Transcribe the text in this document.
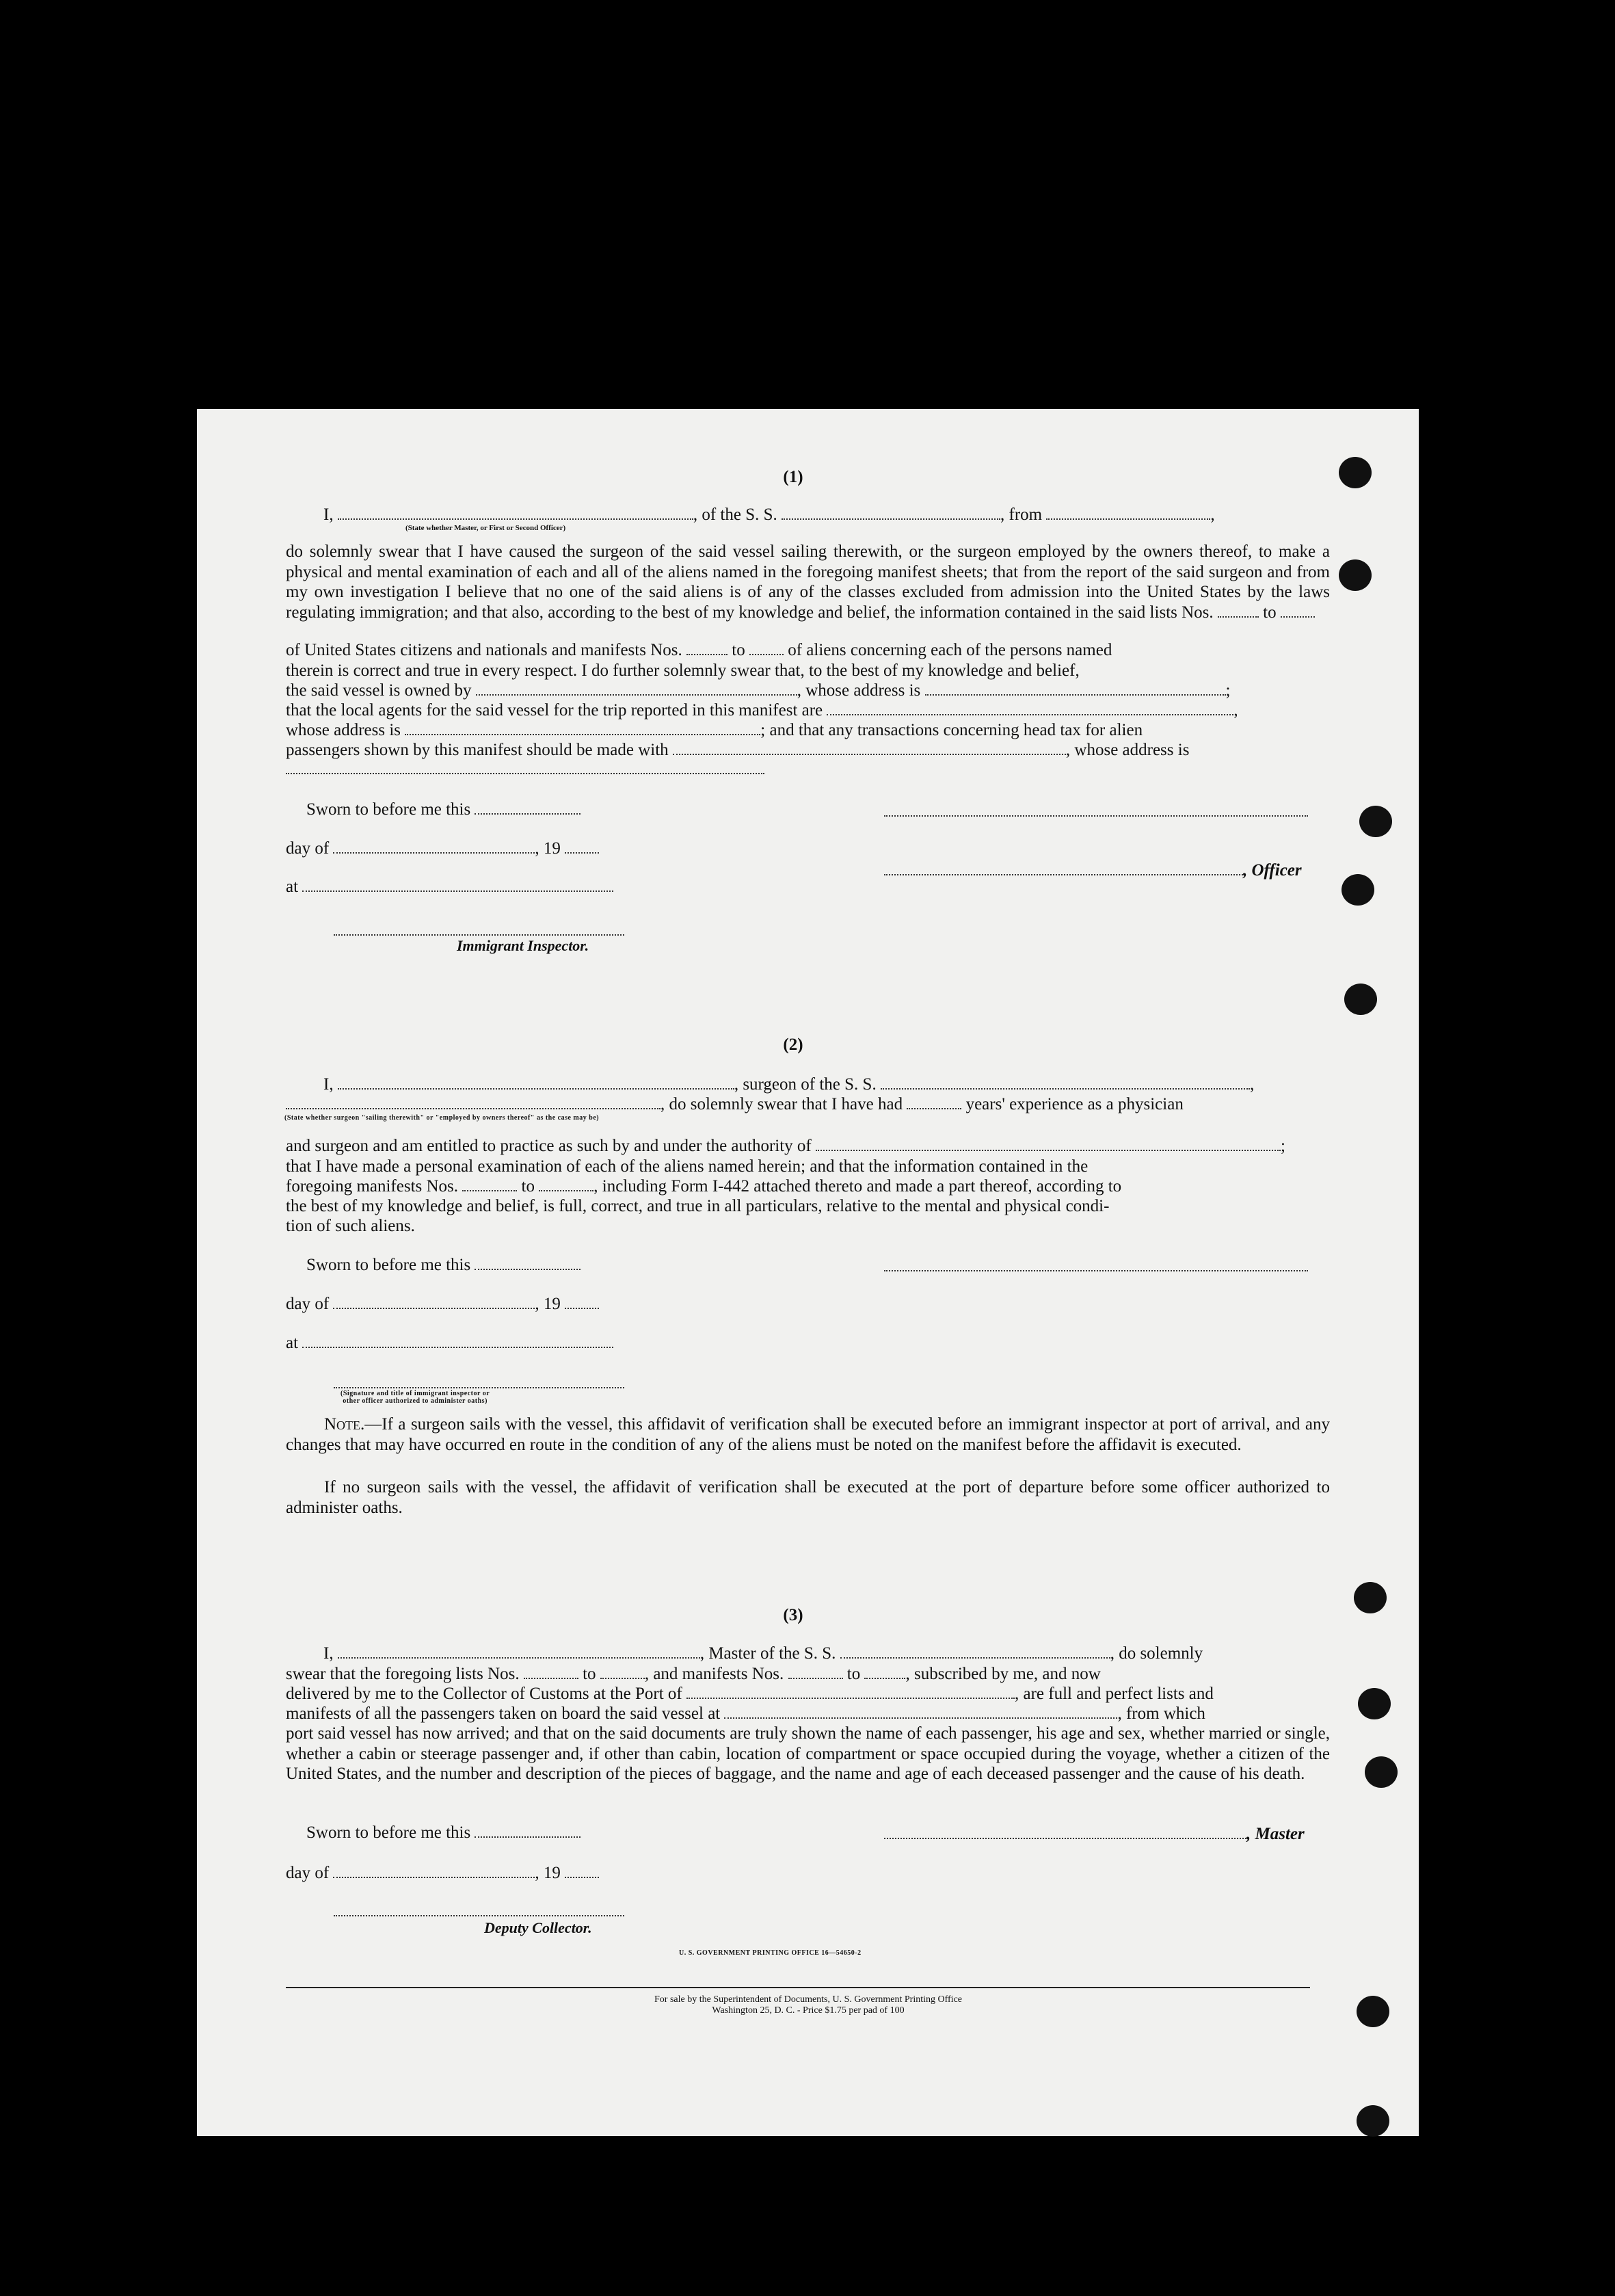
(1)
I,	, of the S. S.	, from	,
(State whether Master, or First or Second Officer)
do solemnly swear that I have caused the surgeon of the said vessel sailing therewith, or the surgeon employed by the owners thereof, to make a physical and mental examination of each and all of the aliens named in the foregoing manifest sheets; that from the report of the said surgeon and from my own investigation I believe that no one of the said aliens is of any of the classes excluded from admission into the United States by the laws regulating immigration; and that also, according to the best of my knowledge and belief, the information contained in the said lists Nos.	to
of United States citizens and nationals and manifests Nos.	to	of aliens concerning each of the persons named
therein is correct and true in every respect. I do further solemnly swear that, to the best of my knowledge and belief,
the said vessel is owned by	, whose address is	;
that the local agents for the said vessel for the trip reported in this manifest are	,
whose address is	; and that any transactions concerning head tax for alien
passengers shown by this manifest should be made with	, whose address is
Sworn to before me this
day of	, 19
, Officer
at
Immigrant Inspector.
(2)
I,	, surgeon of the S. S.	,
, do solemnly swear that I have had	years' experience as a physician
(State whether surgeon "sailing therewith" or "employed by owners thereof" as the case may be)
and surgeon and am entitled to practice as such by and under the authority of	;
that I have made a personal examination of each of the aliens named herein; and that the information contained in the
foregoing manifests Nos.	to	, including Form I-442 attached thereto and made a part thereof, according to
the best of my knowledge and belief, is full, correct, and true in all particulars, relative to the mental and physical condi-
tion of such aliens.
Sworn to before me this
day of	, 19
at
(Signature and title of immigrant inspector or
other officer authorized to administer oaths)
Note.—If a surgeon sails with the vessel, this affidavit of verification shall be executed before an immigrant inspector at port of arrival, and any changes that may have occurred en route in the condition of any of the aliens must be noted on the manifest before the affidavit is executed.
If no surgeon sails with the vessel, the affidavit of verification shall be executed at the port of departure before some officer authorized to administer oaths.
(3)
I,	, Master of the S. S.	, do solemnly
swear that the foregoing lists Nos.	to	, and manifests Nos.	to	, subscribed by me, and now
delivered by me to the Collector of Customs at the Port of	, are full and perfect lists and
manifests of all the passengers taken on board the said vessel at	, from which
port said vessel has now arrived; and that on the said documents are truly shown the name of each passenger, his age and sex, whether married or single, whether a cabin or steerage passenger and, if other than cabin, location of compartment or space occupied during the voyage, whether a citizen of the United States, and the number and description of the pieces of baggage, and the name and age of each deceased passenger and the cause of his death.
Sworn to before me this	, Master
day of	, 19
Deputy Collector.
U. S. GOVERNMENT PRINTING OFFICE 16—54650-2
For sale by the Superintendent of Documents, U. S. Government Printing Office
Washington 25, D. C. - Price $1.75 per pad of 100
